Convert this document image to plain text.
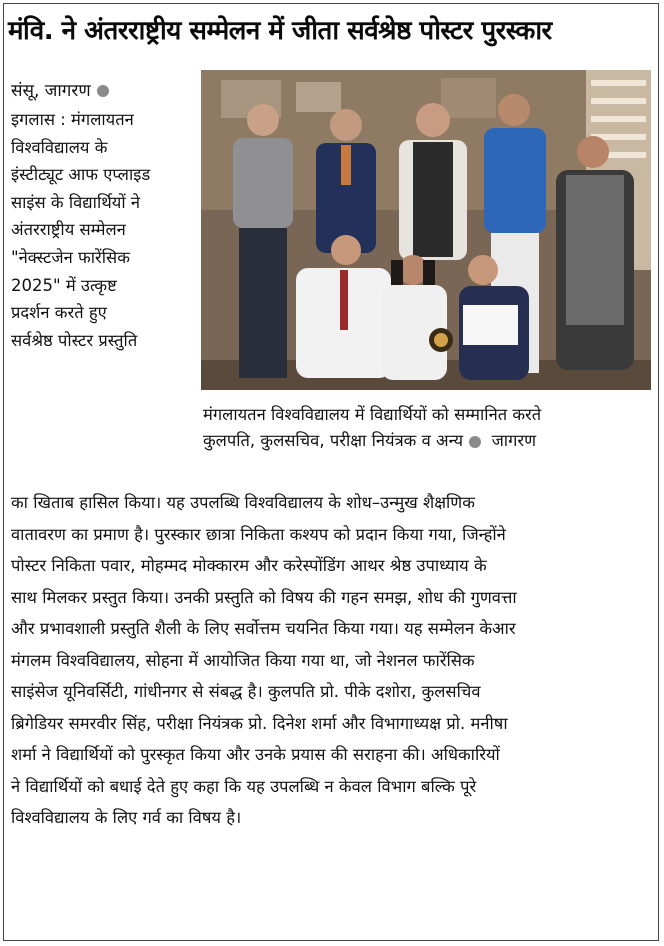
मंवि. ने अंतरराष्ट्रीय सम्मेलन में जीता सर्वश्रेष्ठ पोस्टर पुरस्कार
संसू, जागरण
इगलास : मंगलायतन
विश्वविद्यालय के
इंस्टीट्यूट आफ एप्लाइड
साइंस के विद्यार्थियों ने
अंतरराष्ट्रीय सम्मेलन
"नेक्स्टजेन फारेंसिक
2025" में उत्कृष्ट
प्रदर्शन करते हुए
सर्वश्रेष्ठ पोस्टर प्रस्तुति
मंगलायतन विश्वविद्यालय में विद्यार्थियों को सम्मानित करते
कुलपति, कुलसचिव, परीक्षा नियंत्रक व अन्य जागरण
का खिताब हासिल किया। यह उपलब्धि विश्वविद्यालय के शोध–उन्मुख शैक्षणिक
वातावरण का प्रमाण है। पुरस्कार छात्रा निकिता कश्यप को प्रदान किया गया, जिन्होंने
पोस्टर निकिता पवार, मोहम्मद मोक्कारम और करेस्पोंडिंग आथर श्रेष्ठ उपाध्याय के
साथ मिलकर प्रस्तुत किया। उनकी प्रस्तुति को विषय की गहन समझ, शोध की गुणवत्ता
और प्रभावशाली प्रस्तुति शैली के लिए सर्वोत्तम चयनित किया गया। यह सम्मेलन केआर
मंगलम विश्वविद्यालय, सोहना में आयोजित किया गया था, जो नेशनल फारेंसिक
साइंसेज यूनिवर्सिटी, गांधीनगर से संबद्ध है। कुलपति प्रो. पीके दशोरा, कुलसचिव
ब्रिगेडियर समरवीर सिंह, परीक्षा नियंत्रक प्रो. दिनेश शर्मा और विभागाध्यक्ष प्रो. मनीषा
शर्मा ने विद्यार्थियों को पुरस्कृत किया और उनके प्रयास की सराहना की। अधिकारियों
ने विद्यार्थियों को बधाई देते हुए कहा कि यह उपलब्धि न केवल विभाग बल्कि पूरे
विश्वविद्यालय के लिए गर्व का विषय है।
